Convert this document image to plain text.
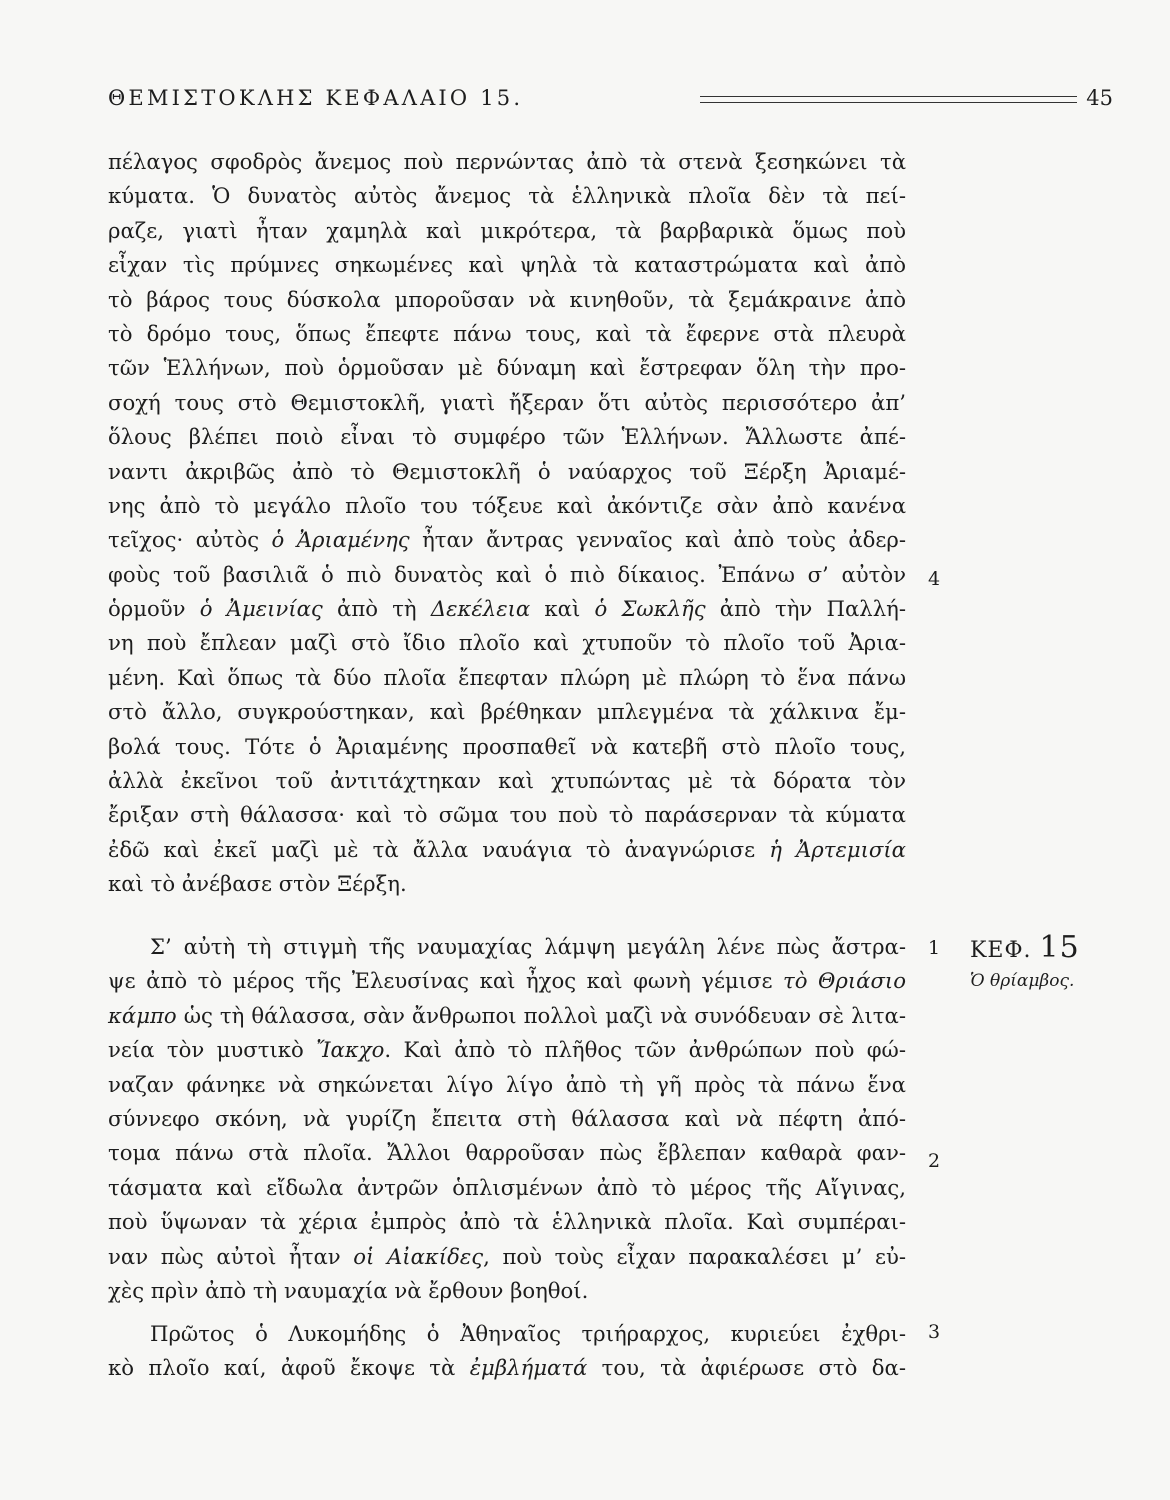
ΘΕΜΙΣΤΟΚΛΗΣ ΚΕΦΑΛΑΙΟ 15.	45
πέλαγος σφοδρὸς ἄνεμος ποὺ περνώντας ἀπὸ τὰ στενὰ ξεσηκώνει τὰ
κύματα. Ὁ δυνατὸς αὐτὸς ἄνεμος τὰ ἑλληνικὰ πλοῖα δὲν τὰ πεί-
ραζε, γιατὶ ἦταν χαμηλὰ καὶ μικρότερα, τὰ βαρβαρικὰ ὅμως ποὺ
εἶχαν τὶς πρύμνες σηκωμένες καὶ ψηλὰ τὰ καταστρώματα καὶ ἀπὸ
τὸ βάρος τους δύσκολα μποροῦσαν νὰ κινηθοῦν, τὰ ξεμάκραινε ἀπὸ
τὸ δρόμο τους, ὅπως ἔπεφτε πάνω τους, καὶ τὰ ἔφερνε στὰ πλευρὰ
τῶν Ἑλλήνων, ποὺ ὁρμοῦσαν μὲ δύναμη καὶ ἔστρεφαν ὅλη τὴν προ-
σοχή τους στὸ Θεμιστοκλῆ, γιατὶ ἤξεραν ὅτι αὐτὸς περισσότερο ἀπ’
ὅλους βλέπει ποιὸ εἶναι τὸ συμφέρο τῶν Ἑλλήνων. Ἄλλωστε ἀπέ-
ναντι ἀκριβῶς ἀπὸ τὸ Θεμιστοκλῆ ὁ ναύαρχος τοῦ Ξέρξη Ἀριαμέ-
νης ἀπὸ τὸ μεγάλο πλοῖο του τόξευε καὶ ἀκόντιζε σὰν ἀπὸ κανένα
τεῖχος· αὐτὸς ὁ Ἀριαμένης ἦταν ἄντρας γενναῖος καὶ ἀπὸ τοὺς ἀδερ-
φοὺς τοῦ βασιλιᾶ ὁ πιὸ δυνατὸς καὶ ὁ πιὸ δίκαιος. Ἐπάνω σ’ αὐτὸν
ὁρμοῦν ὁ Ἀμεινίας ἀπὸ τὴ Δεκέλεια καὶ ὁ Σωκλῆς ἀπὸ τὴν Παλλή-
νη ποὺ ἔπλεαν μαζὶ στὸ ἴδιο πλοῖο καὶ χτυποῦν τὸ πλοῖο τοῦ Ἀρια-
μένη. Καὶ ὅπως τὰ δύο πλοῖα ἔπεφταν πλώρη μὲ πλώρη τὸ ἕνα πάνω
στὸ ἄλλο, συγκρούστηκαν, καὶ βρέθηκαν μπλεγμένα τὰ χάλκινα ἔμ-
βολά τους. Τότε ὁ Ἀριαμένης προσπαθεῖ νὰ κατεβῆ στὸ πλοῖο τους,
ἀλλὰ ἐκεῖνοι τοῦ ἀντιτάχτηκαν καὶ χτυπώντας μὲ τὰ δόρατα τὸν
ἔριξαν στὴ θάλασσα· καὶ τὸ σῶμα του ποὺ τὸ παράσερναν τὰ κύματα
ἐδῶ καὶ ἐκεῖ μαζὶ μὲ τὰ ἄλλα ναυάγια τὸ ἀναγνώρισε ἡ Ἀρτεμισία
καὶ τὸ ἀνέβασε στὸν Ξέρξη.
Σ’ αὐτὴ τὴ στιγμὴ τῆς ναυμαχίας λάμψη μεγάλη λένε πὼς ἄστρα-
ψε ἀπὸ τὸ μέρος τῆς Ἐλευσίνας καὶ ἦχος καὶ φωνὴ γέμισε τὸ Θριάσιο
κάμπο ὡς τὴ θάλασσα, σὰν ἄνθρωποι πολλοὶ μαζὶ νὰ συνόδευαν σὲ λιτα-
νεία τὸν μυστικὸ Ἴακχο. Καὶ ἀπὸ τὸ πλῆθος τῶν ἀνθρώπων ποὺ φώ-
ναζαν φάνηκε νὰ σηκώνεται λίγο λίγο ἀπὸ τὴ γῆ πρὸς τὰ πάνω ἕνα
σύννεφο σκόνη, νὰ γυρίζη ἔπειτα στὴ θάλασσα καὶ νὰ πέφτη ἀπό-
τομα πάνω στὰ πλοῖα. Ἄλλοι θαρροῦσαν πὼς ἔβλεπαν καθαρὰ φαν-
τάσματα καὶ εἴδωλα ἀντρῶν ὁπλισμένων ἀπὸ τὸ μέρος τῆς Αἴγινας,
ποὺ ὕψωναν τὰ χέρια ἐμπρὸς ἀπὸ τὰ ἑλληνικὰ πλοῖα. Καὶ συμπέραι-
ναν πὼς αὐτοὶ ἦταν οἱ Αἰακίδες, ποὺ τοὺς εἶχαν παρακαλέσει μ’ εὐ-
χὲς πρὶν ἀπὸ τὴ ναυμαχία νὰ ἔρθουν βοηθοί.
Πρῶτος ὁ Λυκομήδης ὁ Ἀθηναῖος τριήραρχος, κυριεύει ἐχθρι-
κὸ πλοῖο καί, ἀφοῦ ἔκοψε τὰ ἐμβλήματά του, τὰ ἀφιέρωσε στὸ δα-
4
1
2
3
ΚΕΦ. 15
Ὁ θρίαμβος.
